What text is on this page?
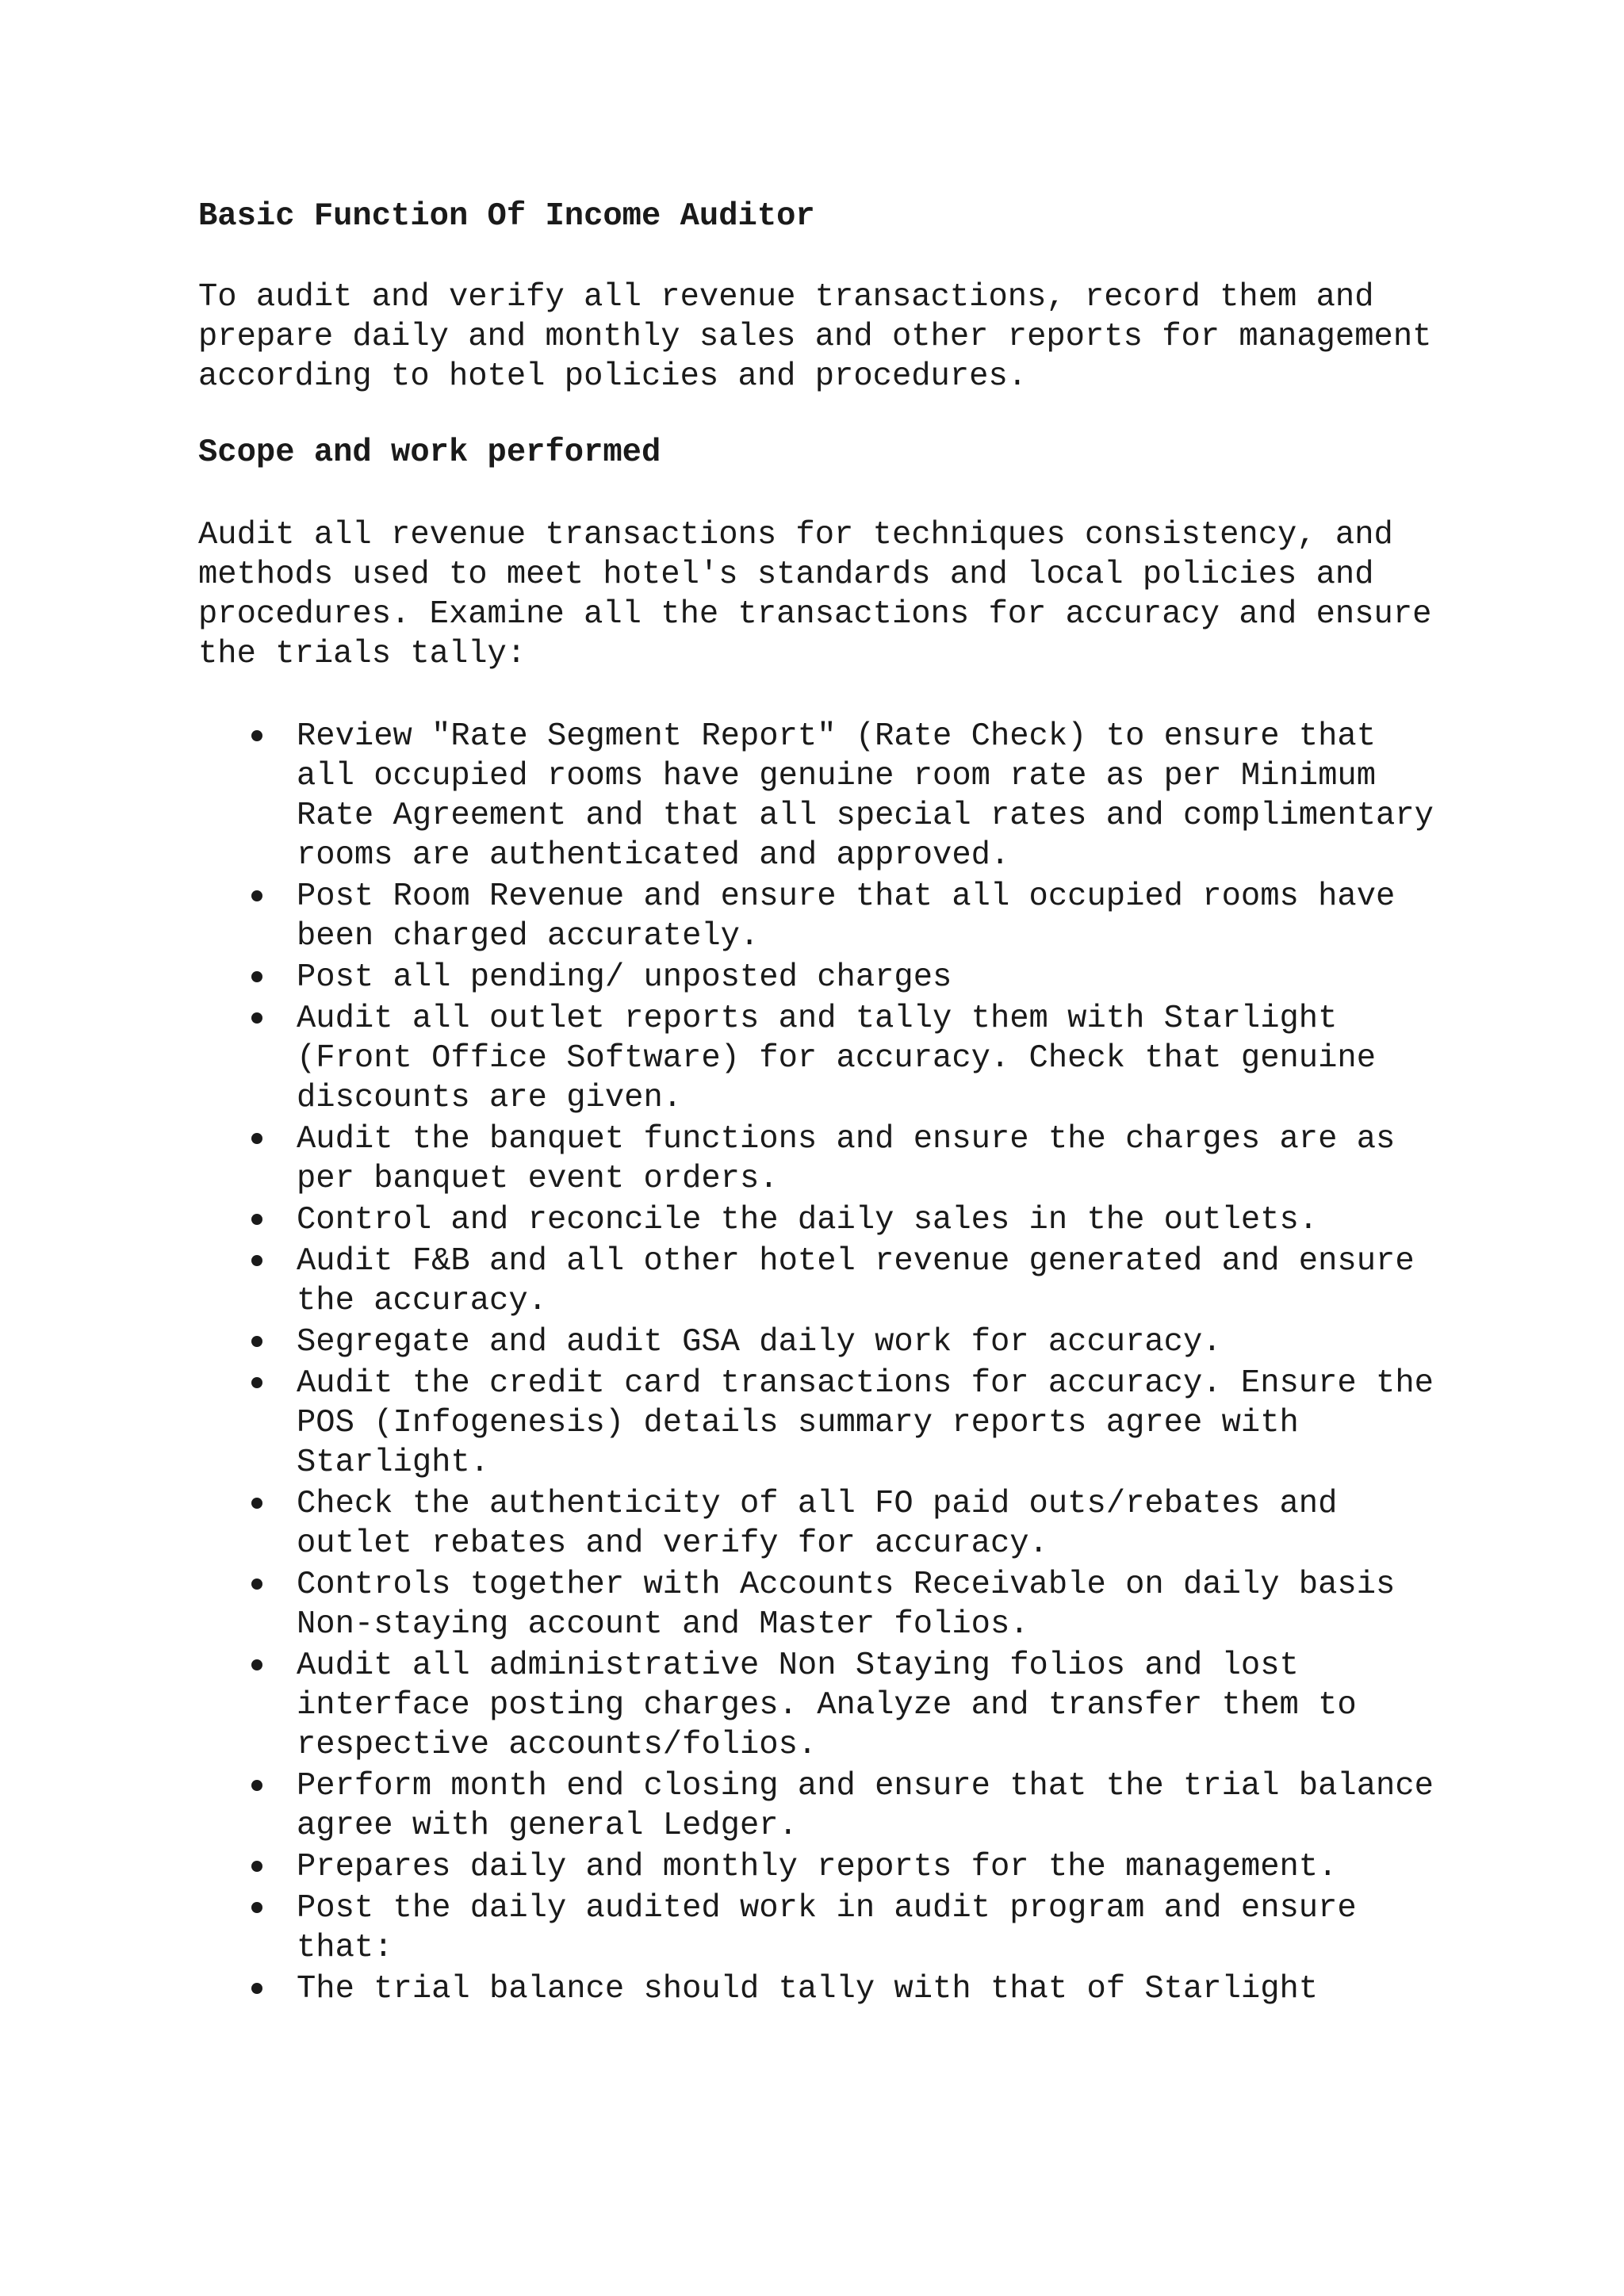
Basic Function Of Income Auditor

To audit and verify all revenue transactions, record them and prepare daily and monthly sales and other reports for management according to hotel policies and procedures.

Scope and work performed

Audit all revenue transactions for techniques consistency, and methods used to meet hotel's standards and local policies and procedures. Examine all the transactions for accuracy and ensure the trials tally:

Review "Rate Segment Report" (Rate Check) to ensure that all occupied rooms have genuine room rate as per Minimum Rate Agreement and that all special rates and complimentary rooms are authenticated and approved.
Post Room Revenue and ensure that all occupied rooms have been charged accurately.
Post all pending/ unposted charges
Audit all outlet reports and tally them with Starlight (Front Office Software) for accuracy. Check that genuine discounts are given.
Audit the banquet functions and ensure the charges are as per banquet event orders.
Control and reconcile the daily sales in the outlets.
Audit F&B and all other hotel revenue generated and ensure the accuracy.
Segregate and audit GSA daily work for accuracy.
Audit the credit card transactions for accuracy. Ensure the POS (Infogenesis) details summary reports agree with Starlight.
Check the authenticity of all FO paid outs/rebates and outlet rebates and verify for accuracy.
Controls together with Accounts Receivable on daily basis Non-staying account and Master folios.
Audit all administrative Non Staying folios and lost interface posting charges. Analyze and transfer them to respective accounts/folios.
Perform month end closing and ensure that the trial balance agree with general Ledger.
Prepares daily and monthly reports for the management.
Post the daily audited work in audit program and ensure that:
The trial balance should tally with that of Starlight
